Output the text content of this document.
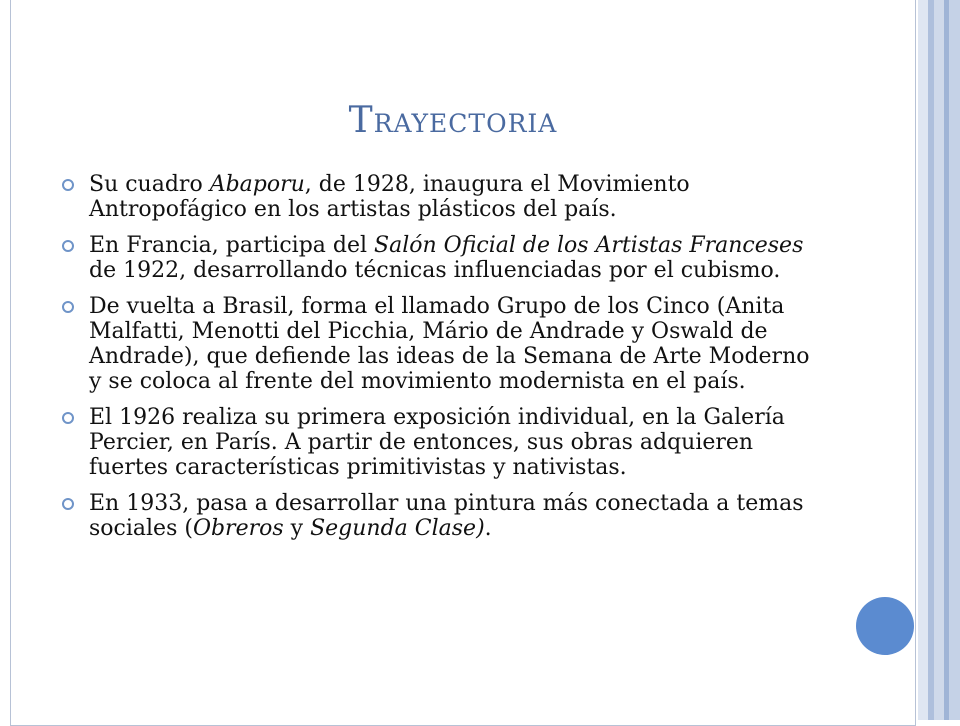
Trayectoria
Su cuadro Abaporu, de 1928, inaugura el Movimiento Antropofágico en los artistas plásticos del país.
En Francia, participa del Salón Oficial de los Artistas Franceses de 1922, desarrollando técnicas influenciadas por el cubismo.
De vuelta a Brasil, forma el llamado Grupo de los Cinco (Anita Malfatti, Menotti del Picchia, Mário de Andrade y Oswald de Andrade), que defiende las ideas de la Semana de Arte Moderno y se coloca al frente del movimiento modernista en el país.
El 1926 realiza su primera exposición individual, en la Galería Percier, en París. A partir de entonces, sus obras adquieren fuertes características primitivistas y nativistas.
En 1933, pasa a desarrollar una pintura más conectada a temas sociales (Obreros y Segunda Clase).
